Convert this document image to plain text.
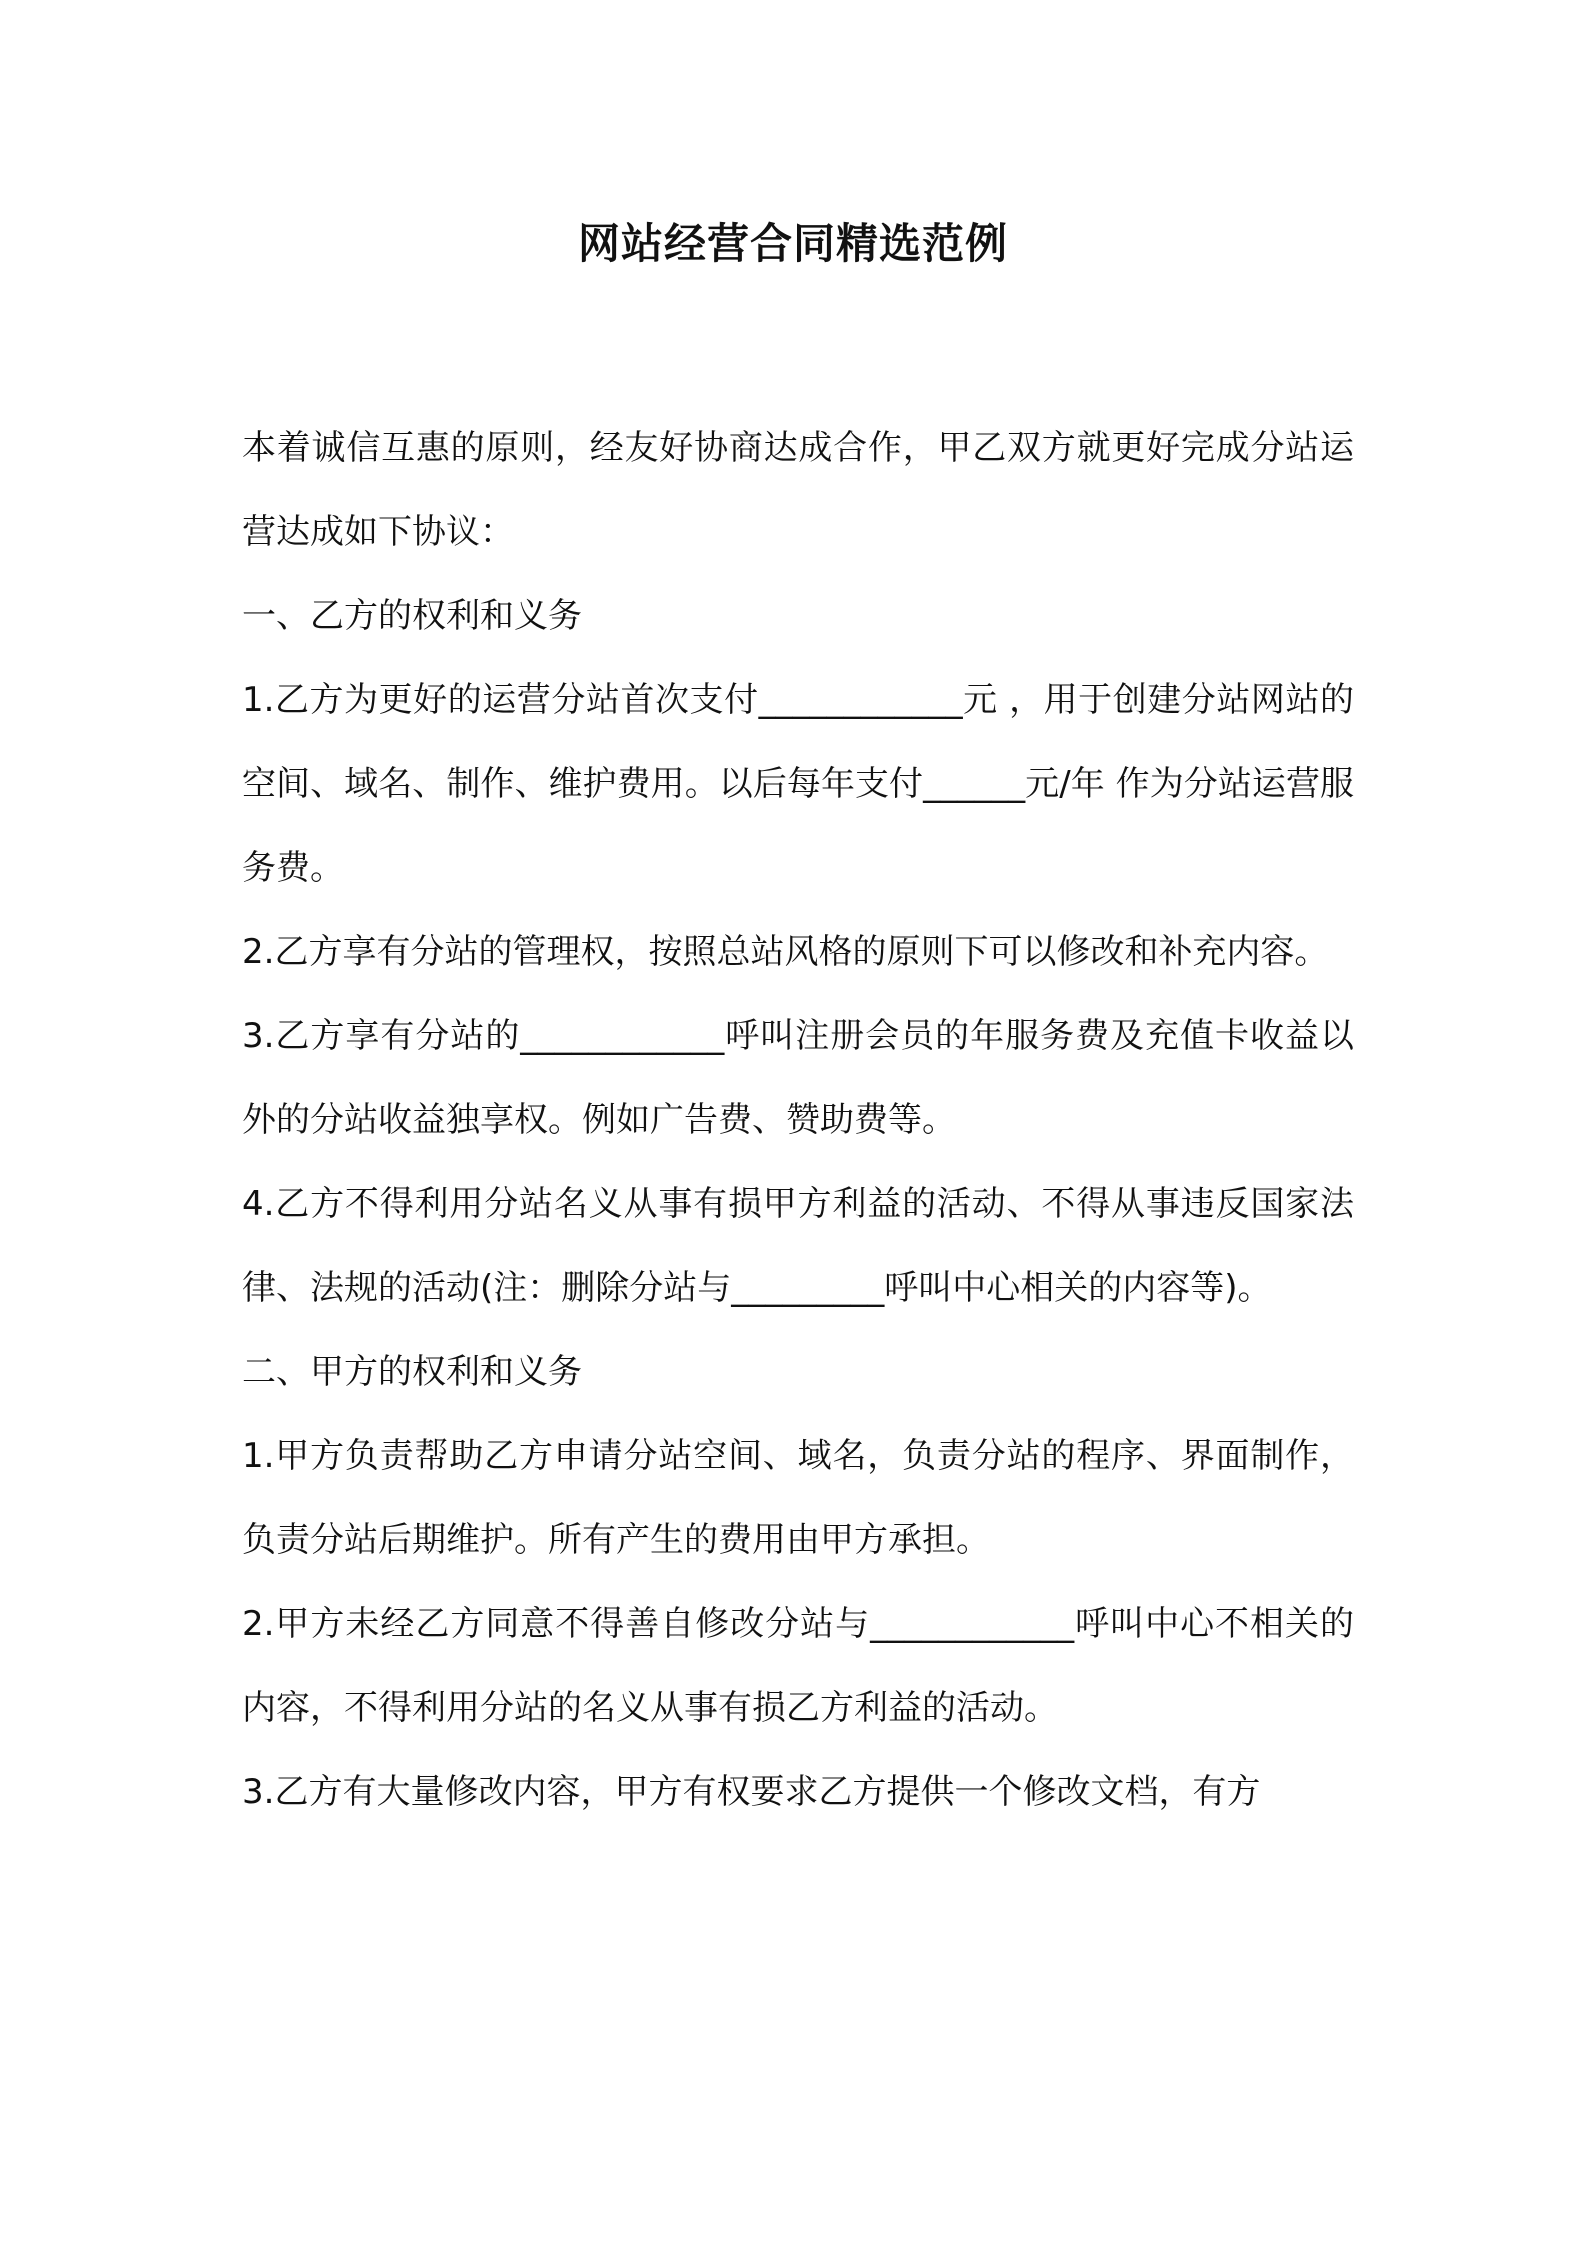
网站经营合同精选范例

本着诚信互惠的原则，经友好协商达成合作，甲乙双方就更好完成分站运营达成如下协议：

一、乙方的权利和义务

1.乙方为更好的运营分站首次支付____________元 ，用于创建分站网站的空间、域名、制作、维护费用。以后每年支付______元/年 作为分站运营服务费。

2.乙方享有分站的管理权，按照总站风格的原则下可以修改和补充内容。

3.乙方享有分站的____________呼叫注册会员的年服务费及充值卡收益以外的分站收益独享权。例如广告费、赞助费等。

4.乙方不得利用分站名义从事有损甲方利益的活动、不得从事违反国家法律、法规的活动(注：删除分站与_________呼叫中心相关的内容等)。

二、甲方的权利和义务

1.甲方负责帮助乙方申请分站空间、域名，负责分站的程序、界面制作，负责分站后期维护。所有产生的费用由甲方承担。

2.甲方未经乙方同意不得善自修改分站与____________呼叫中心不相关的内容，不得利用分站的名义从事有损乙方利益的活动。

3.乙方有大量修改内容，甲方有权要求乙方提供一个修改文档，有方
